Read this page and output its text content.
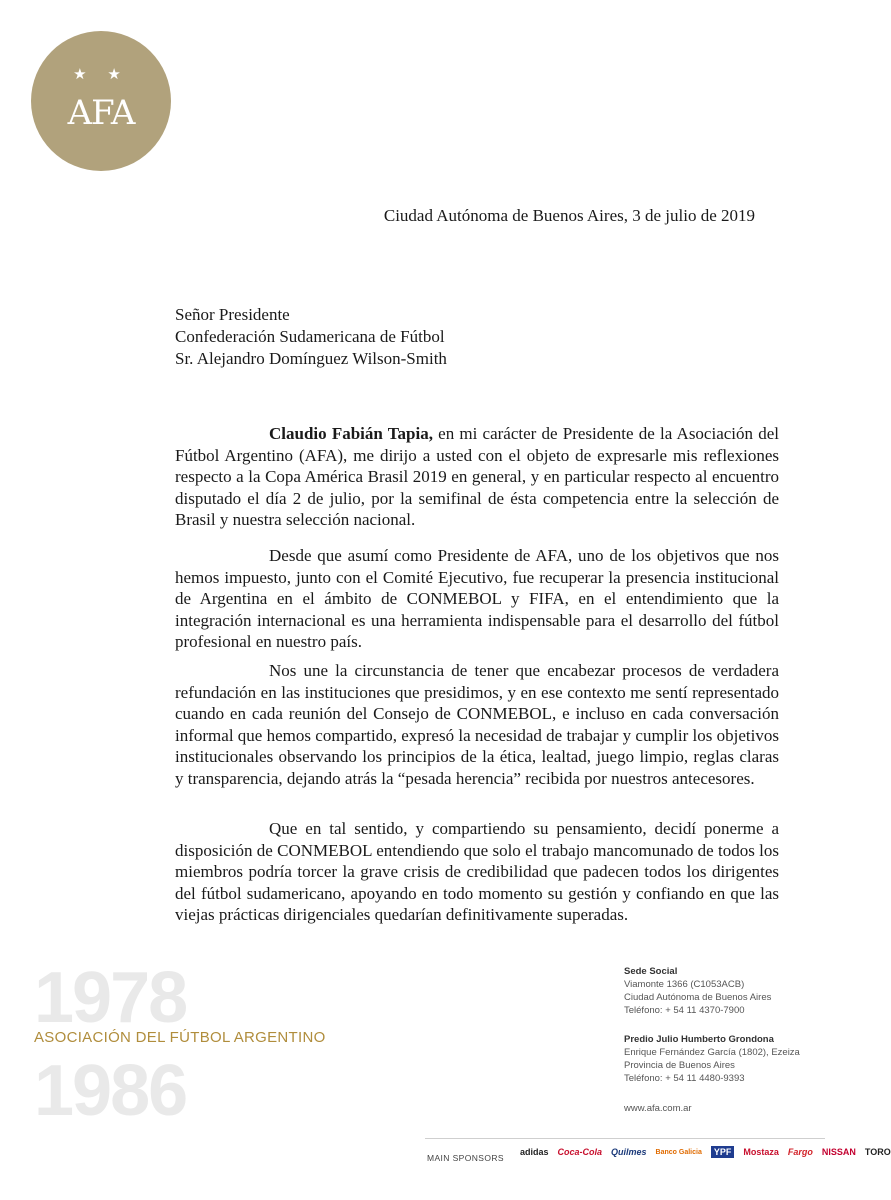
★ ★
AFA
Ciudad Autónoma de Buenos Aires, 3 de julio de 2019
Señor Presidente
Confederación Sudamericana de Fútbol
Sr. Alejandro Domínguez Wilson-Smith

Claudio Fabián Tapia, en mi carácter de Presidente de la Asociación del Fútbol Argentino (AFA), me dirijo a usted con el objeto de expresarle mis reflexiones respecto a la Copa América Brasil 2019 en general, y en particular respecto al encuentro disputado el día 2 de julio, por la semifinal de ésta competencia entre la selección de Brasil y nuestra selección nacional.

Desde que asumí como Presidente de AFA, uno de los objetivos que nos hemos impuesto, junto con el Comité Ejecutivo, fue recuperar la presencia institucional de Argentina en el ámbito de CONMEBOL y FIFA, en el entendimiento que la integración internacional es una herramienta indispensable para el desarrollo del fútbol profesional en nuestro país.

Nos une la circunstancia de tener que encabezar procesos de verdadera refundación en las instituciones que presidimos, y en ese contexto me sentí representado cuando en cada reunión del Consejo de CONMEBOL, e incluso en cada conversación informal que hemos compartido, expresó la necesidad de trabajar y cumplir los objetivos institucionales observando los principios de la ética, lealtad, juego limpio, reglas claras y transparencia, dejando atrás la “pesada herencia” recibida por nuestros antecesores.

Que en tal sentido, y compartiendo su pensamiento, decidí ponerme a disposición de CONMEBOL entendiendo que solo el trabajo mancomunado de todos los miembros podría torcer la grave crisis de credibilidad que padecen todos los dirigentes del fútbol sudamericano, apoyando en todo momento su gestión y confiando en que las viejas prácticas dirigenciales quedarían definitivamente superadas.

1978
ASOCIACIÓN DEL FÚTBOL ARGENTINO
1986
Sede Social
Viamonte 1366 (C1053ACB)
Ciudad Autónoma de Buenos Aires
Teléfono: + 54 11 4370-7900
Predio Julio Humberto Grondona
Enrique Fernández García (1802), Ezeiza
Provincia de Buenos Aires
Teléfono: + 54 11 4480-9393
www.afa.com.ar
MAIN SPONSORS
adidas Coca-Cola Quilmes Banco Galicia	YPF	Mostaza Fargo NISSAN TORO
